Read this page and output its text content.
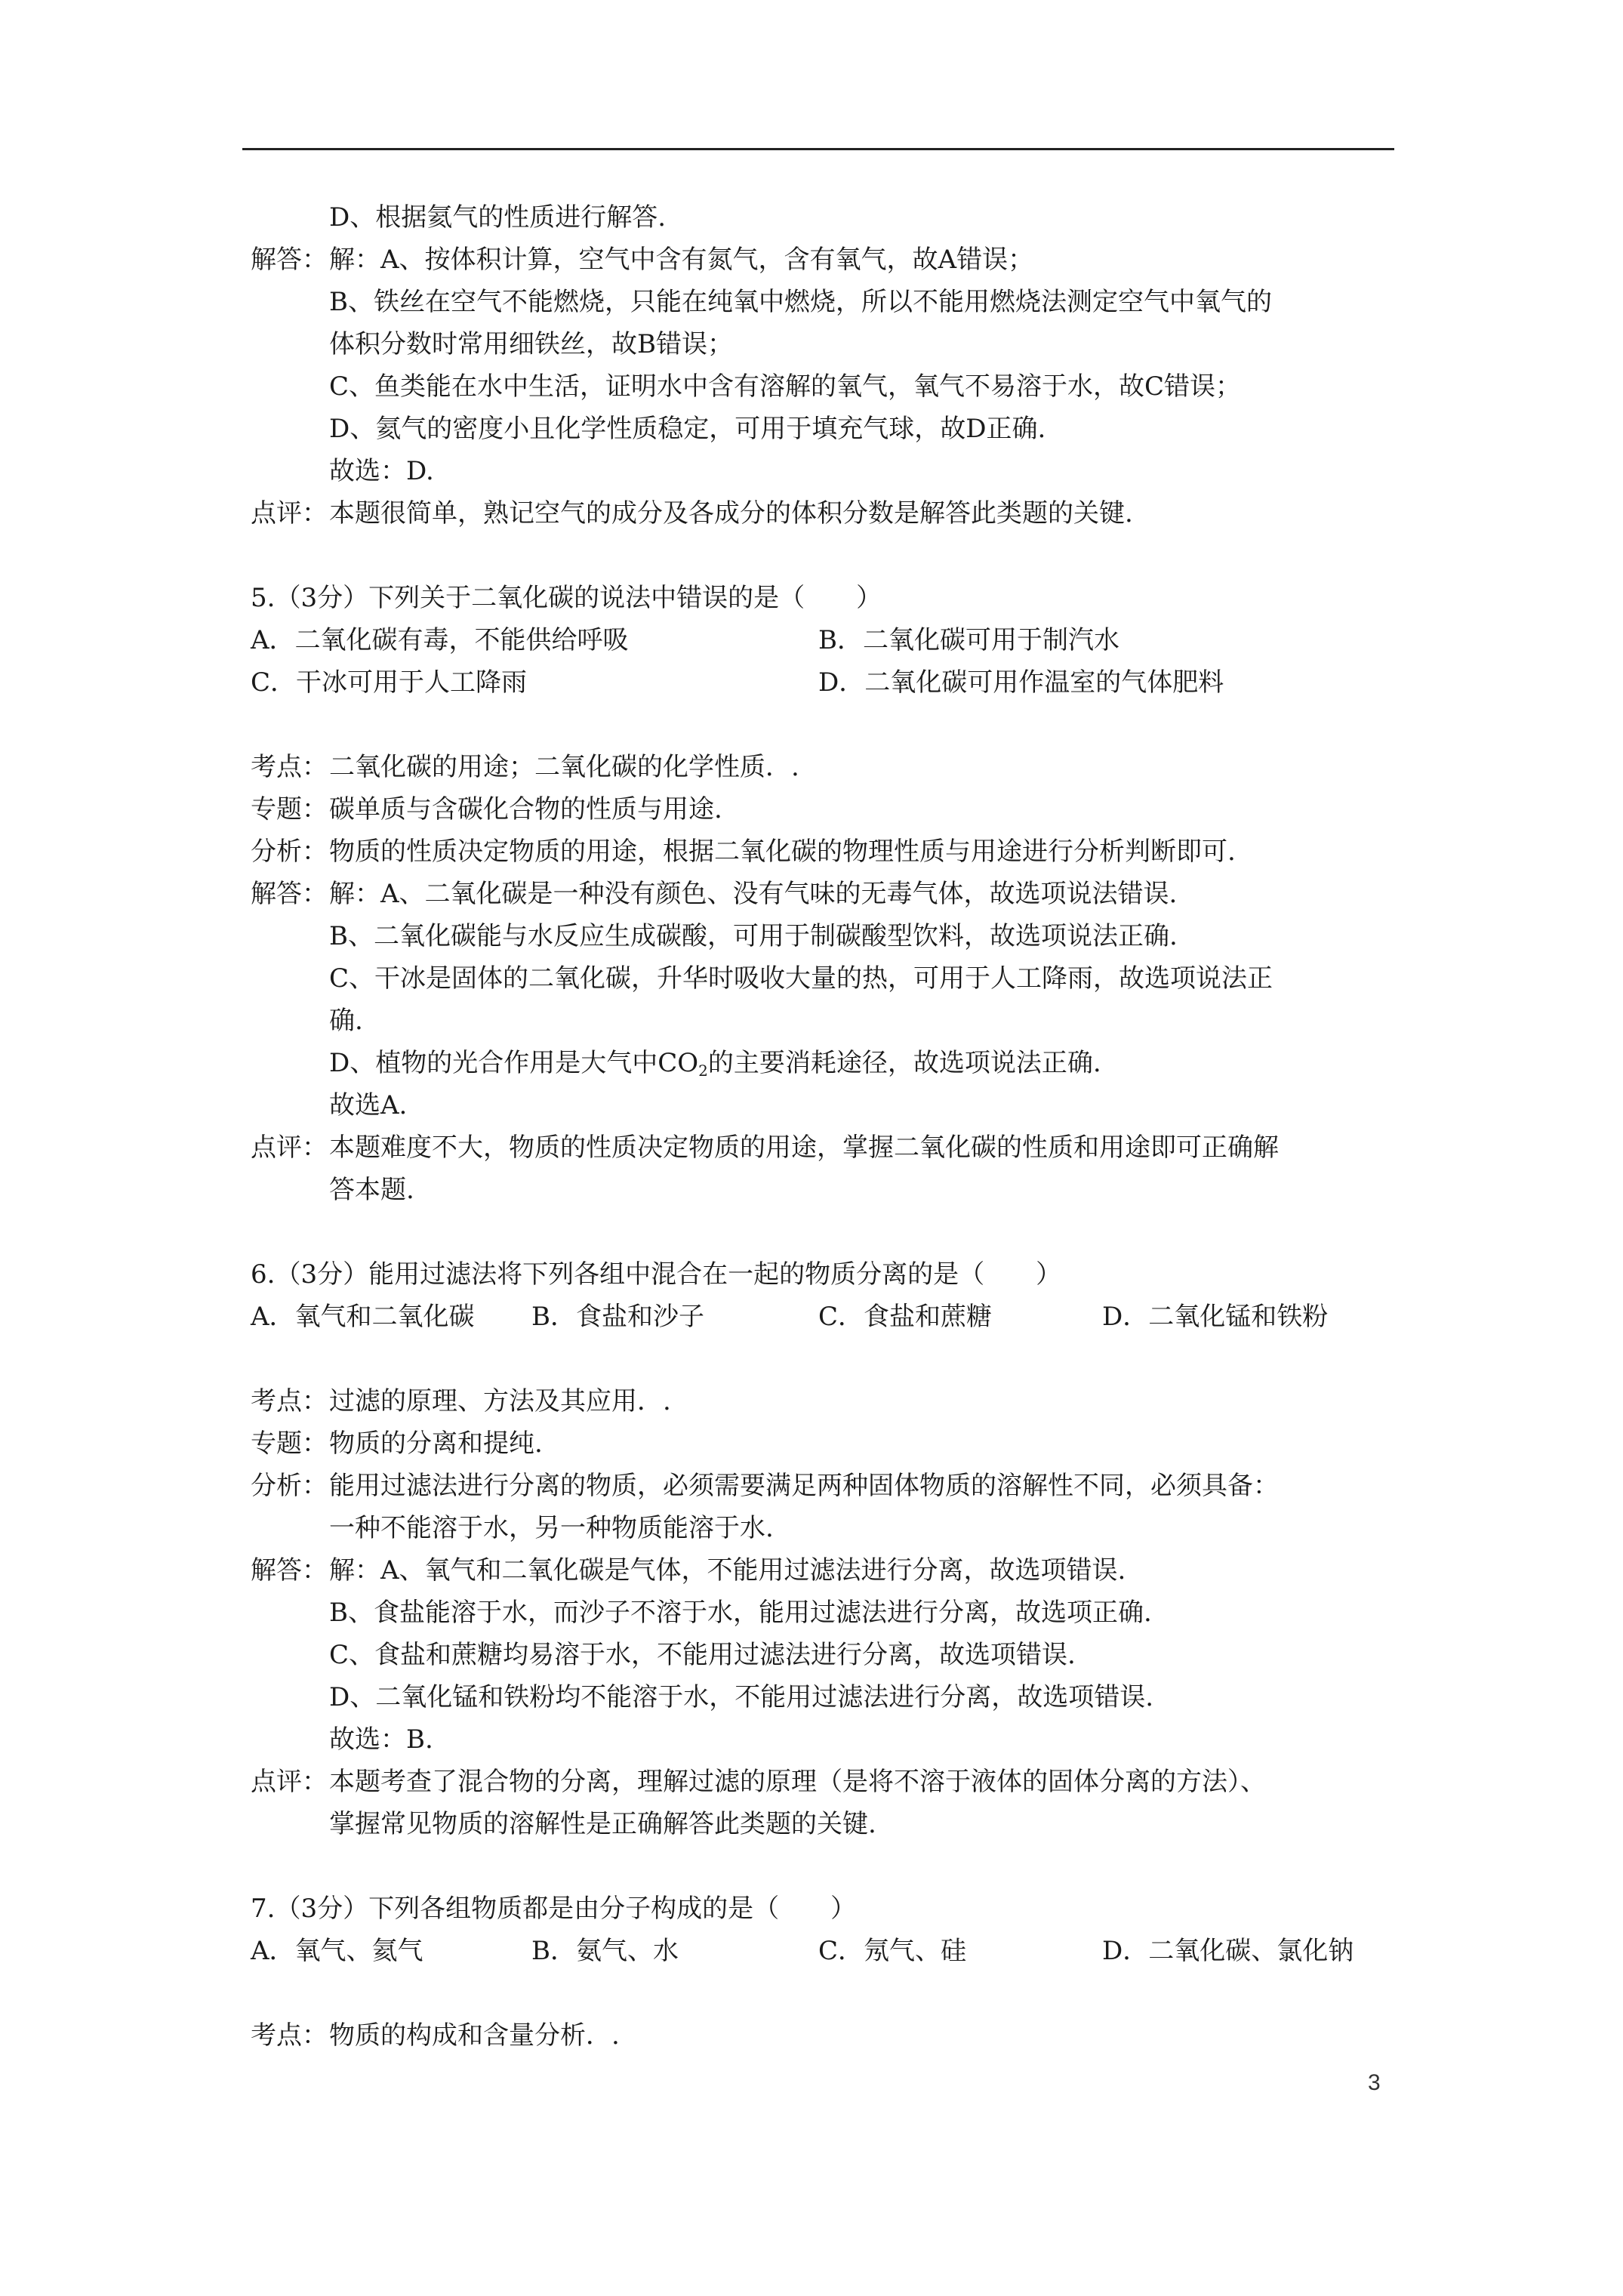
D、根据氦气的性质进行解答.
解答：解：A、按体积计算，空气中含有氮气，含有氧气，故A错误；
B、铁丝在空气不能燃烧，只能在纯氧中燃烧，所以不能用燃烧法测定空气中氧气的
体积分数时常用细铁丝，故B错误；
C、鱼类能在水中生活，证明水中含有溶解的氧气，氧气不易溶于水，故C错误；
D、氦气的密度小且化学性质稳定，可用于填充气球，故D正确.
故选：D.
点评：本题很简单，熟记空气的成分及各成分的体积分数是解答此类题的关键.
5.（3分）下列关于二氧化碳的说法中错误的是（　　）
A．二氧化碳有毒，不能供给呼吸	B．二氧化碳可用于制汽水
C．干冰可用于人工降雨	D．二氧化碳可用作温室的气体肥料
考点：二氧化碳的用途；二氧化碳的化学性质．.
专题：碳单质与含碳化合物的性质与用途.
分析：物质的性质决定物质的用途，根据二氧化碳的物理性质与用途进行分析判断即可.
解答：解：A、二氧化碳是一种没有颜色、没有气味的无毒气体，故选项说法错误.
B、二氧化碳能与水反应生成碳酸，可用于制碳酸型饮料，故选项说法正确.
C、干冰是固体的二氧化碳，升华时吸收大量的热，可用于人工降雨，故选项说法正
确.
D、植物的光合作用是大气中$CO_2$的主要消耗途径，故选项说法正确.
故选A.
点评：本题难度不大，物质的性质决定物质的用途，掌握二氧化碳的性质和用途即可正确解
答本题.
6.（3分）能用过滤法将下列各组中混合在一起的物质分离的是（　　）
A．氧气和二氧化碳	B．食盐和沙子	C．食盐和蔗糖	D．二氧化锰和铁粉
考点：过滤的原理、方法及其应用．.
专题：物质的分离和提纯.
分析：能用过滤法进行分离的物质，必须需要满足两种固体物质的溶解性不同，必须具备：
一种不能溶于水，另一种物质能溶于水.
解答：解：A、氧气和二氧化碳是气体，不能用过滤法进行分离，故选项错误.
B、食盐能溶于水，而沙子不溶于水，能用过滤法进行分离，故选项正确.
C、食盐和蔗糖均易溶于水，不能用过滤法进行分离，故选项错误.
D、二氧化锰和铁粉均不能溶于水，不能用过滤法进行分离，故选项错误.
故选：B.
点评：本题考查了混合物的分离，理解过滤的原理（是将不溶于液体的固体分离的方法）、
掌握常见物质的溶解性是正确解答此类题的关键.
7.（3分）下列各组物质都是由分子构成的是（　　）
A．氧气、氦气	B．氨气、水	C．氖气、硅	D．二氧化碳、氯化钠
考点：物质的构成和含量分析．.
3
